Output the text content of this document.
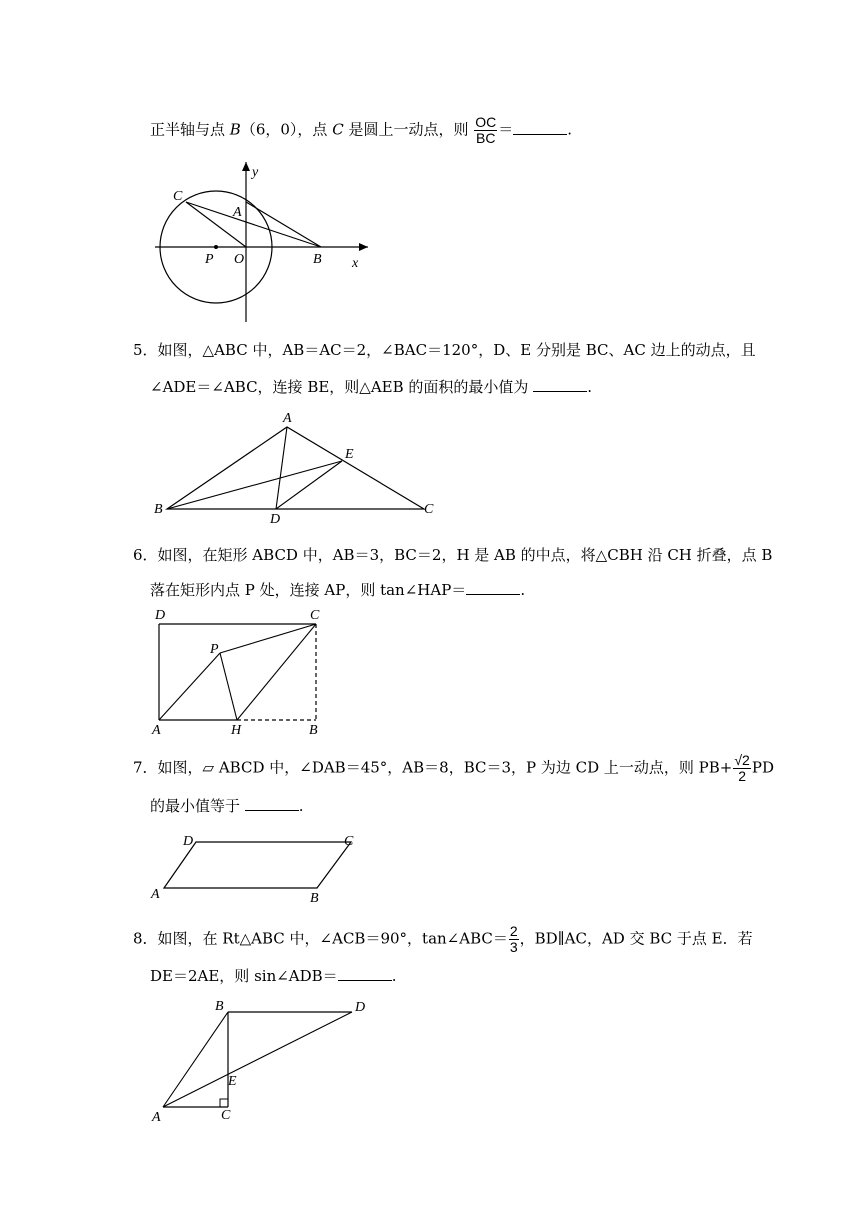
正半轴与点 B（6，0），点 C 是圆上一动点，则 $\frac{OC}{BC}$ ＝	.
C
y
A
P O	B x
5．如图，△ABC 中，AB＝AC＝2，∠BAC＝120°，D、E 分别是 BC、AC 边上的动点，且
∠ADE＝∠ABC，连接 BE，则△AEB 的面积的最小值为	.
A
E
B
D
C
6．如图，在矩形 ABCD 中，AB＝3，BC＝2，H 是 AB 的中点，将△CBH 沿 CH 折叠，点 B
落在矩形内点 P 处，连接 AP，则 tan∠HAP＝	.
D	C
P
A	H	B
7．如图，▱ ABCD 中，∠DAB＝45°，AB＝8，BC＝3，P 为边 CD 上一动点，则 $PB+ \frac{√2}{2}$ PD
的最小值等于	.
D	C
A	B
8．如图，在 Rt△ABC 中，∠ACB＝90°，tan∠ABC＝ $\frac{2}{3}$ ，BD∥AC，AD 交 BC 于点 E．若
DE＝2AE，则 sin∠ADB＝	.
B	D
E
A	C
